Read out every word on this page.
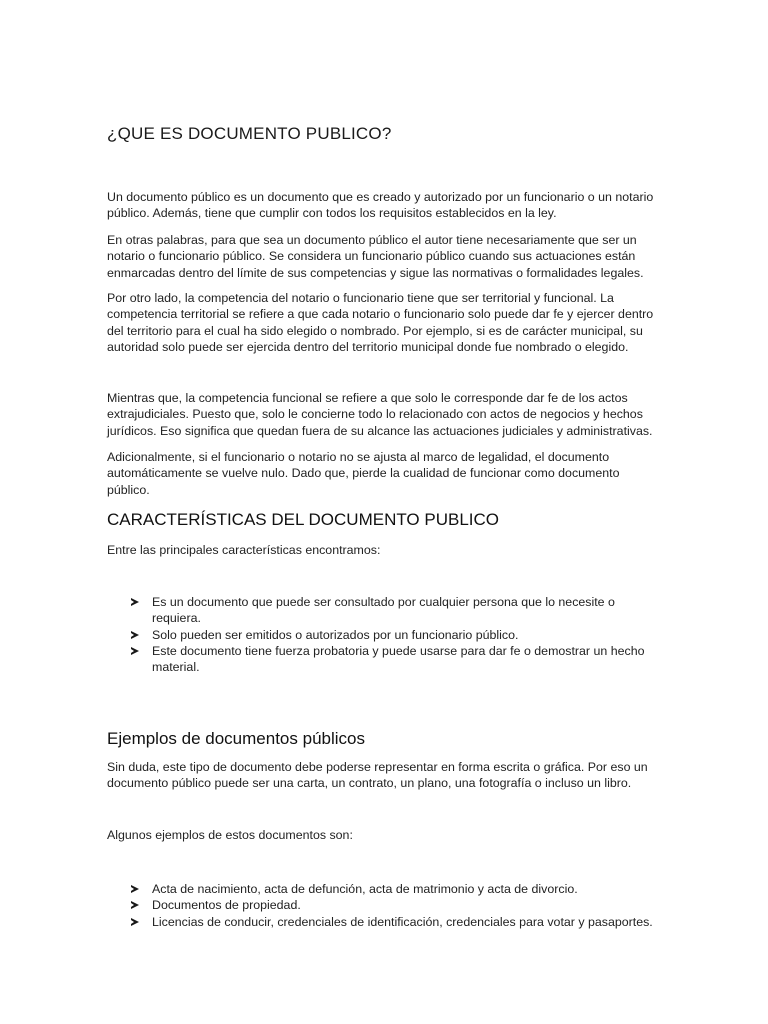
¿QUE ES DOCUMENTO PUBLICO?

Un documento público es un documento que es creado y autorizado por un funcionario o un notario público. Además, tiene que cumplir con todos los requisitos establecidos en la ley.

En otras palabras, para que sea un documento público el autor tiene necesariamente que ser un notario o funcionario público. Se considera un funcionario público cuando sus actuaciones están enmarcadas dentro del límite de sus competencias y sigue las normativas o formalidades legales.

Por otro lado, la competencia del notario o funcionario tiene que ser territorial y funcional. La competencia territorial se refiere a que cada notario o funcionario solo puede dar fe y ejercer dentro del territorio para el cual ha sido elegido o nombrado. Por ejemplo, si es de carácter municipal, su autoridad solo puede ser ejercida dentro del territorio municipal donde fue nombrado o elegido.

Mientras que, la competencia funcional se refiere a que solo le corresponde dar fe de los actos extrajudiciales. Puesto que, solo le concierne todo lo relacionado con actos de negocios y hechos jurídicos. Eso significa que quedan fuera de su alcance las actuaciones judiciales y administrativas.

Adicionalmente, si el funcionario o notario no se ajusta al marco de legalidad, el documento automáticamente se vuelve nulo. Dado que, pierde la cualidad de funcionar como documento público.

CARACTERÍSTICAS DEL DOCUMENTO PUBLICO

Entre las principales características encontramos:

Es un documento que puede ser consultado por cualquier persona que lo necesite o requiera.
Solo pueden ser emitidos o autorizados por un funcionario público.
Este documento tiene fuerza probatoria y puede usarse para dar fe o demostrar un hecho material.
Ejemplos de documentos públicos

Sin duda, este tipo de documento debe poderse representar en forma escrita o gráfica. Por eso un documento público puede ser una carta, un contrato, un plano, una fotografía o incluso un libro.

Algunos ejemplos de estos documentos son:

Acta de nacimiento, acta de defunción, acta de matrimonio y acta de divorcio.
Documentos de propiedad.
Licencias de conducir, credenciales de identificación, credenciales para votar y pasaportes.
